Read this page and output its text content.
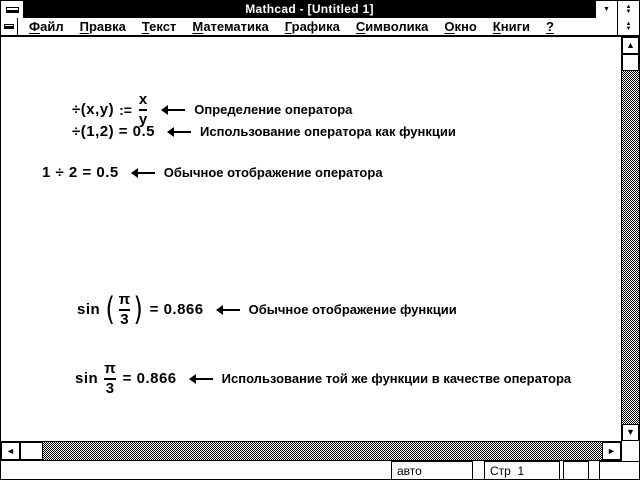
Mathcad - [Untitled 1]	▼	▲
▼
Файл	Правка	Текст	Математика	Графика	Символика	Окно	Книги	?	▲
▼
÷(x,y) := $\frac{x}{y}$	Определение оператора
÷(1,2) = 0.5	Использование оператора как функции
1 ÷ 2 = 0.5	Обычное отображение оператора
sin ( $\frac{\pi}{3}$ ) = 0.866	Обычное отображение функции
$\sin \frac{\pi}{3} = 0.866$	Использование той же функции в качестве оператора
▲
▼
◄	►
авто	Стр  1
